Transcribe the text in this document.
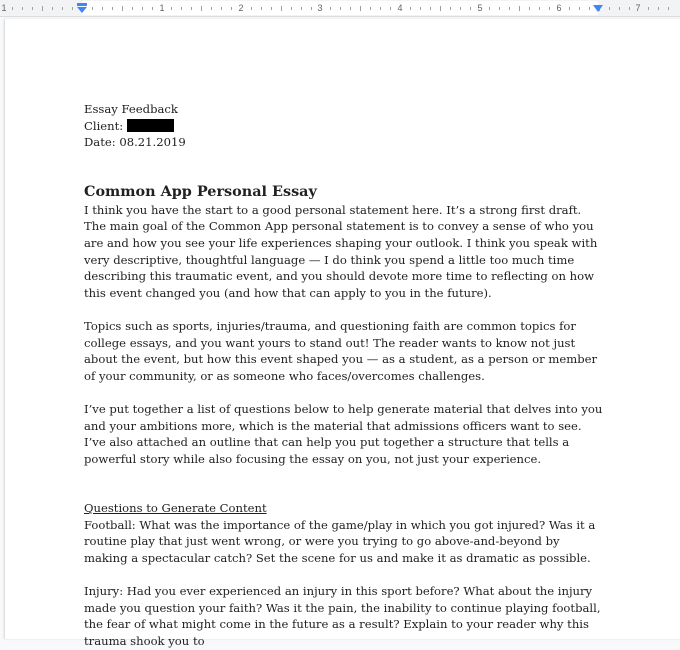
1	1	2	3	4	5	6	7
Essay Feedback
Client:
Date: 08.21.2019
Common App Personal Essay

I think you have the start to a good personal statement here. It’s a strong first draft. The main goal of the Common App personal statement is to convey a sense of who you are and how you see your life experiences shaping your outlook. I think you speak with very descriptive, thoughtful language — I do think you spend a little too much time describing this traumatic event, and you should devote more time to reflecting on how this event changed you (and how that can apply to you in the future).

Topics such as sports, injuries/trauma, and questioning faith are common topics for college essays, and you want yours to stand out! The reader wants to know not just about the event, but how this event shaped you — as a student, as a person or member of your community, or as someone who faces/overcomes challenges.

I’ve put together a list of questions below to help generate material that delves into you and your ambitions more, which is the material that admissions officers want to see. I’ve also attached an outline that can help you put together a structure that tells a powerful story while also focusing the essay on you, not just your experience.

Questions to Generate Content

Football: What was the importance of the game/play in which you got injured? Was it a routine play that just went wrong, or were you trying to go above-and-beyond by making a spectacular catch? Set the scene for us and make it as dramatic as possible.

Injury: Had you ever experienced an injury in this sport before? What about the injury made you question your faith? Was it the pain, the inability to continue playing football, the fear of what might come in the future as a result? Explain to your reader why this trauma shook you to
